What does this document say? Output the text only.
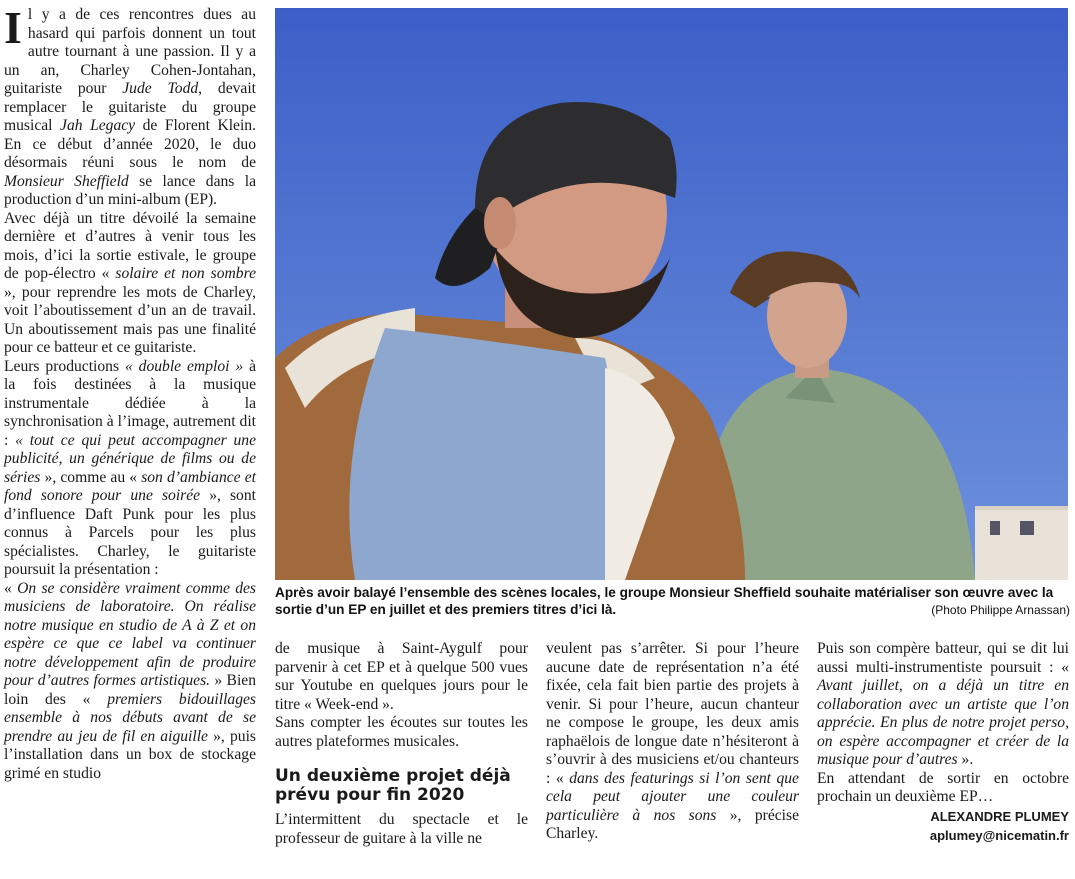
Il y a de ces rencontres dues au hasard qui parfois donnent un tout autre tournant à une passion. Il y a un an, Charley Cohen-Jontahan, guitariste pour Jude Todd, devait remplacer le guitariste du groupe musical Jah Legacy de Florent Klein. En ce début d’année 2020, le duo désormais réuni sous le nom de Monsieur Sheffield se lance dans la production d’un mini-album (EP).

Avec déjà un titre dévoilé la semaine dernière et d’autres à venir tous les mois, d’ici la sortie estivale, le groupe de pop-électro « solaire et non sombre », pour reprendre les mots de Charley, voit l’aboutissement d’un an de travail. Un aboutissement mais pas une finalité pour ce batteur et ce guitariste.

Leurs productions « double emploi » à la fois destinées à la musique instrumentale dédiée à la synchronisation à l’image, autrement dit : « tout ce qui peut accompagner une publicité, un générique de films ou de séries », comme au « son d’ambiance et fond sonore pour une soirée », sont d’influence Daft Punk pour les plus connus à Parcels pour les plus spécialistes. Charley, le guitariste poursuit la présentation :

« On se considère vraiment comme des musiciens de laboratoire. On réalise notre musique en studio de A à Z et on espère ce que ce label va continuer notre développement afin de produire pour d’autres formes artistiques. » Bien loin des « premiers bidouillages ensemble à nos débuts avant de se prendre au jeu de fil en aiguille », puis l’installation dans un box de stockage grimé en studio

Après avoir balayé l’ensemble des scènes locales, le groupe Monsieur Sheffield souhaite matérialiser son œuvre avec la sortie d’un EP en juillet et des premiers titres d’ici là.	(Photo Philippe Arnassan)

de musique à Saint-Aygulf pour parvenir à cet EP et à quelque 500 vues sur Youtube en quelques jours pour le titre « Week-end ».

Sans compter les écoutes sur toutes les autres plateformes musicales.

Un deuxième projet déjà prévu pour fin 2020

L’intermittent du spectacle et le professeur de guitare à la ville ne

veulent pas s’arrêter. Si pour l’heure aucune date de représentation n’a été fixée, cela fait bien partie des projets à venir. Si pour l’heure, aucun chanteur ne compose le groupe, les deux amis raphaëlois de longue date n’hésiteront à s’ouvrir à des musiciens et/ou chanteurs : « dans des featurings si l’on sent que cela peut ajouter une couleur particulière à nos sons », précise Charley.

Puis son compère batteur, qui se dit lui aussi multi-instrumentiste poursuit : « Avant juillet, on a déjà un titre en collaboration avec un artiste que l’on apprécie. En plus de notre projet perso, on espère accompagner et créer de la musique pour d’autres ».

En attendant de sortir en octobre prochain un deuxième EP…

ALEXANDRE PLUMEY
aplumey@nicematin.fr
